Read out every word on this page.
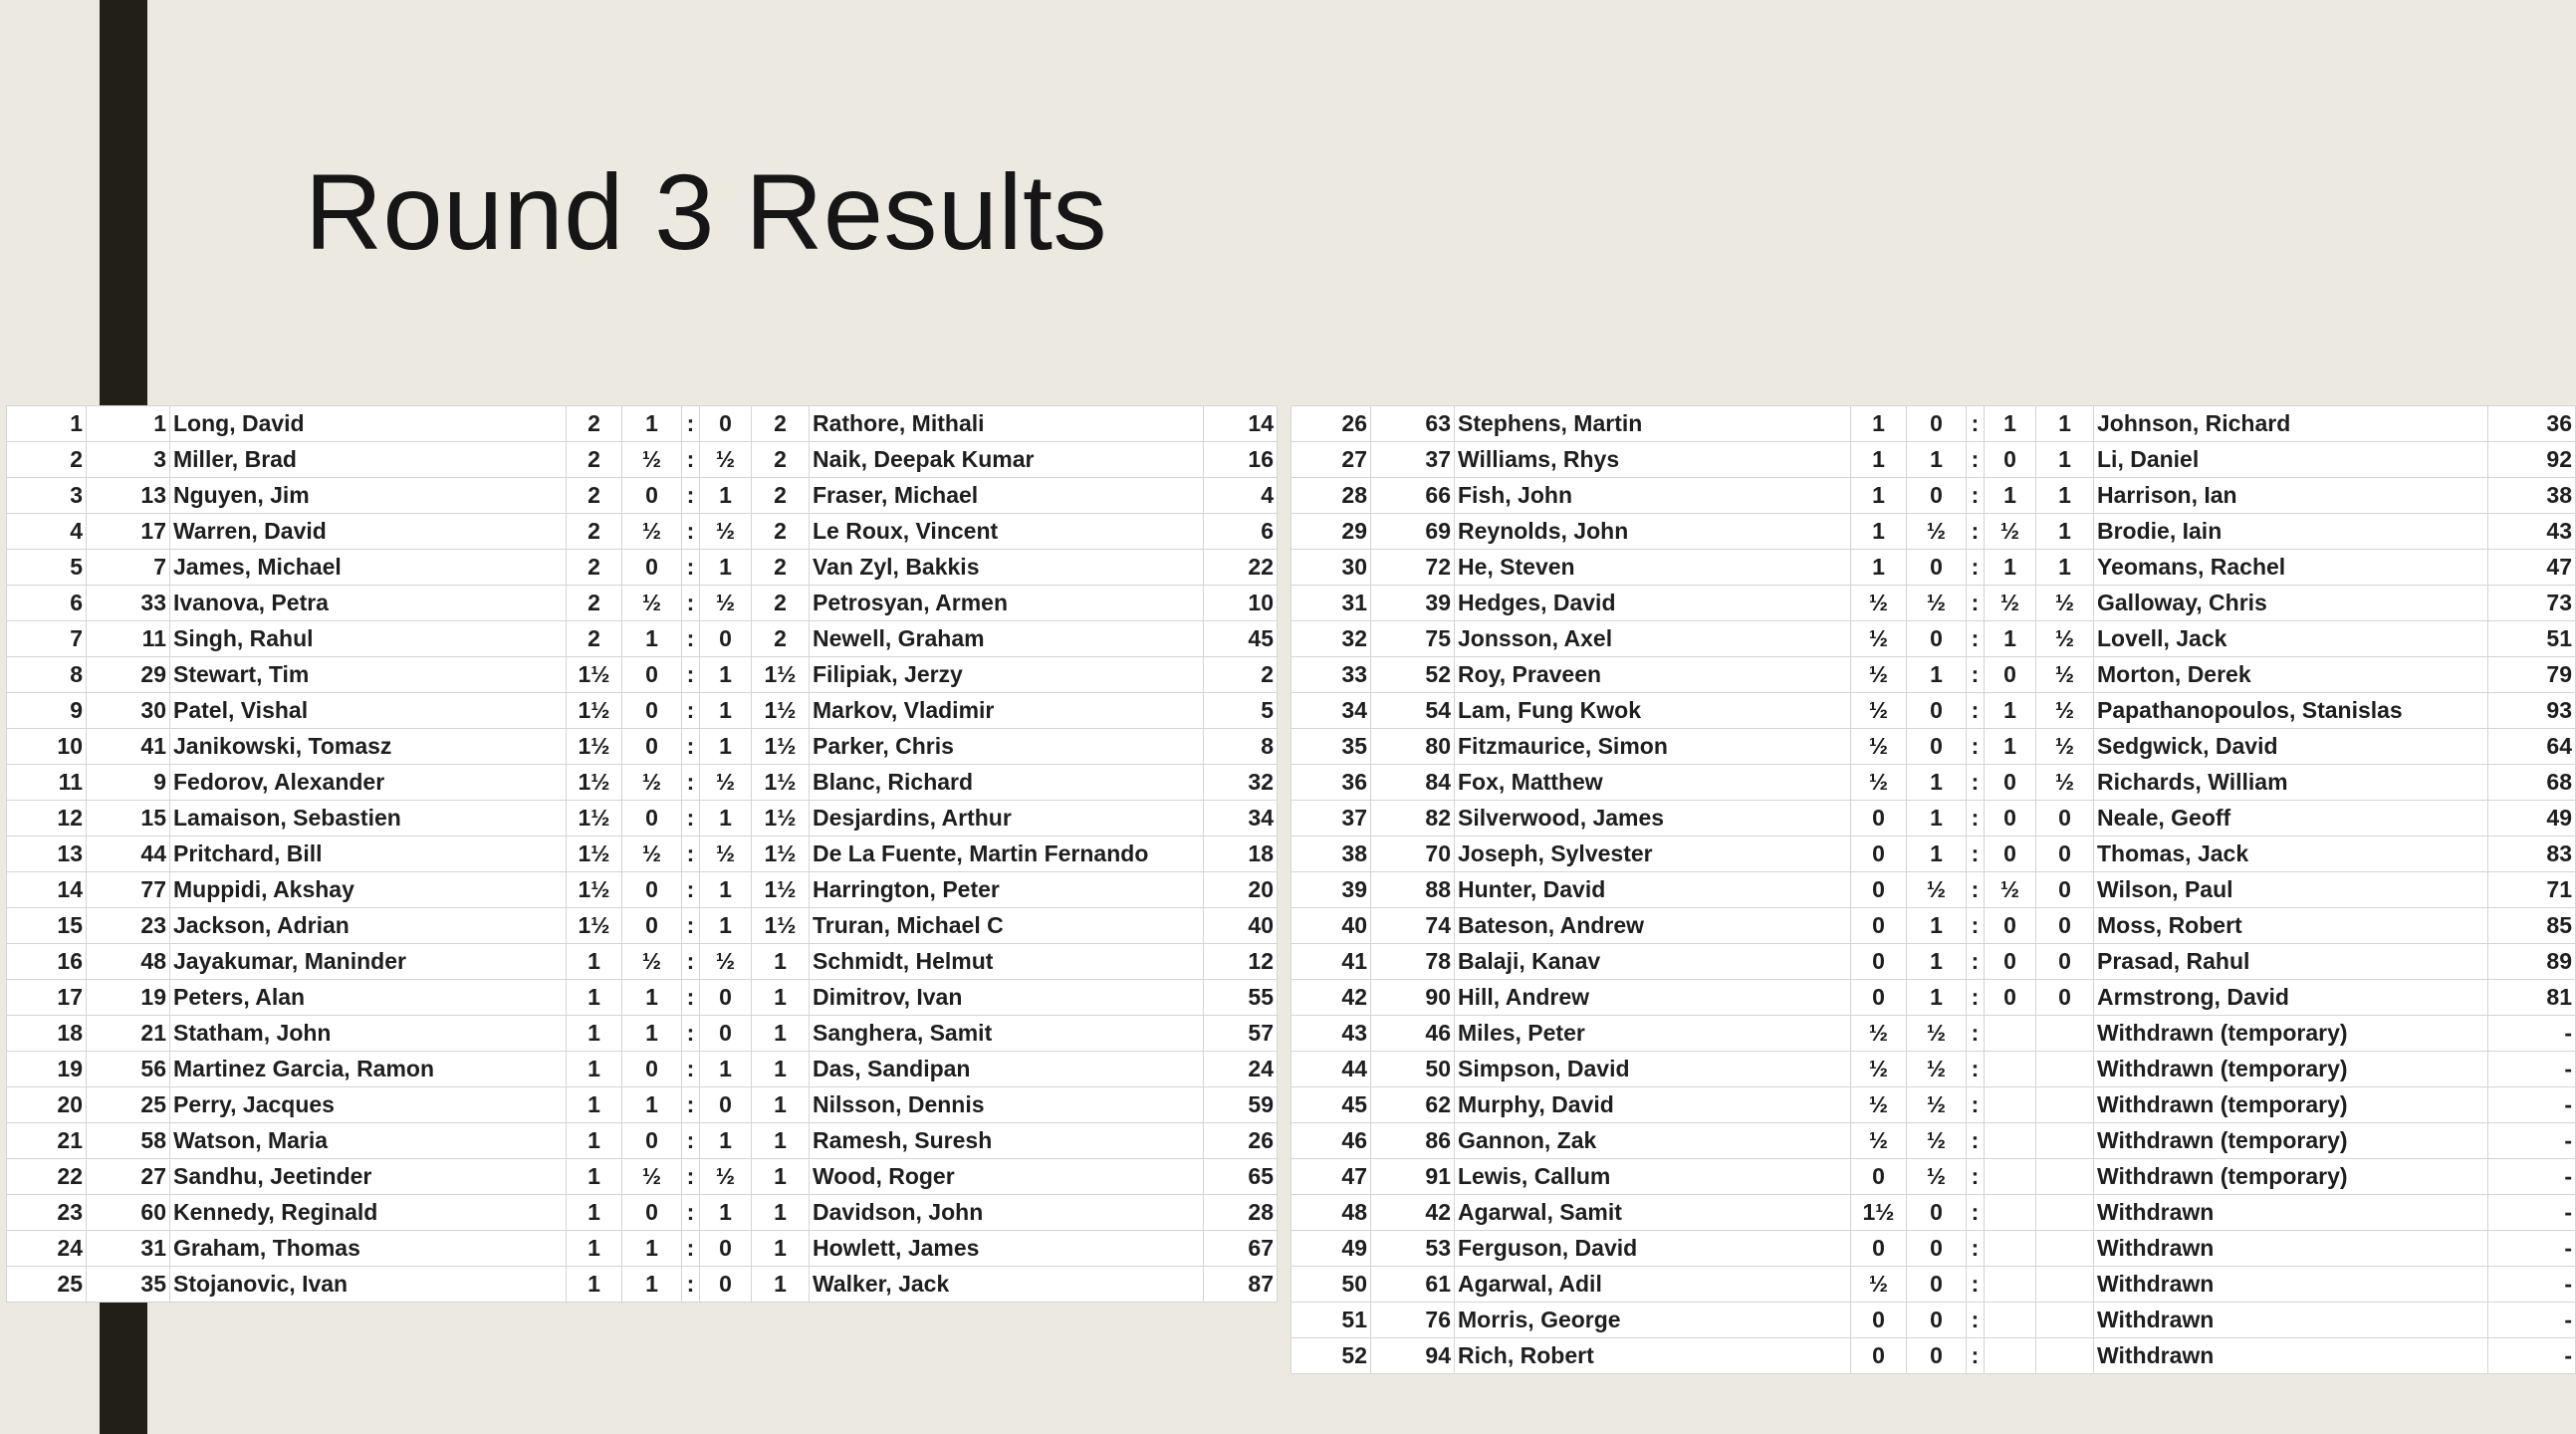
Round 3 Results
1	1	Long, David	2	1	:	0	2	Rathore, Mithali	14
2	3	Miller, Brad	2	½	:	½	2	Naik, Deepak Kumar	16
3	13	Nguyen, Jim	2	0	:	1	2	Fraser, Michael	4
4	17	Warren, David	2	½	:	½	2	Le Roux, Vincent	6
5	7	James, Michael	2	0	:	1	2	Van Zyl, Bakkis	22
6	33	Ivanova, Petra	2	½	:	½	2	Petrosyan, Armen	10
7	11	Singh, Rahul	2	1	:	0	2	Newell, Graham	45
8	29	Stewart, Tim	1½	0	:	1	1½	Filipiak, Jerzy	2
9	30	Patel, Vishal	1½	0	:	1	1½	Markov, Vladimir	5
10	41	Janikowski, Tomasz	1½	0	:	1	1½	Parker, Chris	8
11	9	Fedorov, Alexander	1½	½	:	½	1½	Blanc, Richard	32
12	15	Lamaison, Sebastien	1½	0	:	1	1½	Desjardins, Arthur	34
13	44	Pritchard, Bill	1½	½	:	½	1½	De La Fuente, Martin Fernando	18
14	77	Muppidi, Akshay	1½	0	:	1	1½	Harrington, Peter	20
15	23	Jackson, Adrian	1½	0	:	1	1½	Truran, Michael C	40
16	48	Jayakumar, Maninder	1	½	:	½	1	Schmidt, Helmut	12
17	19	Peters, Alan	1	1	:	0	1	Dimitrov, Ivan	55
18	21	Statham, John	1	1	:	0	1	Sanghera, Samit	57
19	56	Martinez Garcia, Ramon	1	0	:	1	1	Das, Sandipan	24
20	25	Perry, Jacques	1	1	:	0	1	Nilsson, Dennis	59
21	58	Watson, Maria	1	0	:	1	1	Ramesh, Suresh	26
22	27	Sandhu, Jeetinder	1	½	:	½	1	Wood, Roger	65
23	60	Kennedy, Reginald	1	0	:	1	1	Davidson, John	28
24	31	Graham, Thomas	1	1	:	0	1	Howlett, James	67
25	35	Stojanovic, Ivan	1	1	:	0	1	Walker, Jack	87
26	63	Stephens, Martin	1	0	:	1	1	Johnson, Richard	36
27	37	Williams, Rhys	1	1	:	0	1	Li, Daniel	92
28	66	Fish, John	1	0	:	1	1	Harrison, Ian	38
29	69	Reynolds, John	1	½	:	½	1	Brodie, Iain	43
30	72	He, Steven	1	0	:	1	1	Yeomans, Rachel	47
31	39	Hedges, David	½	½	:	½	½	Galloway, Chris	73
32	75	Jonsson, Axel	½	0	:	1	½	Lovell, Jack	51
33	52	Roy, Praveen	½	1	:	0	½	Morton, Derek	79
34	54	Lam, Fung Kwok	½	0	:	1	½	Papathanopoulos, Stanislas	93
35	80	Fitzmaurice, Simon	½	0	:	1	½	Sedgwick, David	64
36	84	Fox, Matthew	½	1	:	0	½	Richards, William	68
37	82	Silverwood, James	0	1	:	0	0	Neale, Geoff	49
38	70	Joseph, Sylvester	0	1	:	0	0	Thomas, Jack	83
39	88	Hunter, David	0	½	:	½	0	Wilson, Paul	71
40	74	Bateson, Andrew	0	1	:	0	0	Moss, Robert	85
41	78	Balaji, Kanav	0	1	:	0	0	Prasad, Rahul	89
42	90	Hill, Andrew	0	1	:	0	0	Armstrong, David	81
43	46	Miles, Peter	½	½	:			Withdrawn (temporary)	-
44	50	Simpson, David	½	½	:			Withdrawn (temporary)	-
45	62	Murphy, David	½	½	:			Withdrawn (temporary)	-
46	86	Gannon, Zak	½	½	:			Withdrawn (temporary)	-
47	91	Lewis, Callum	0	½	:			Withdrawn (temporary)	-
48	42	Agarwal, Samit	1½	0	:			Withdrawn	-
49	53	Ferguson, David	0	0	:			Withdrawn	-
50	61	Agarwal, Adil	½	0	:			Withdrawn	-
51	76	Morris, George	0	0	:			Withdrawn	-
52	94	Rich, Robert	0	0	:			Withdrawn	-
